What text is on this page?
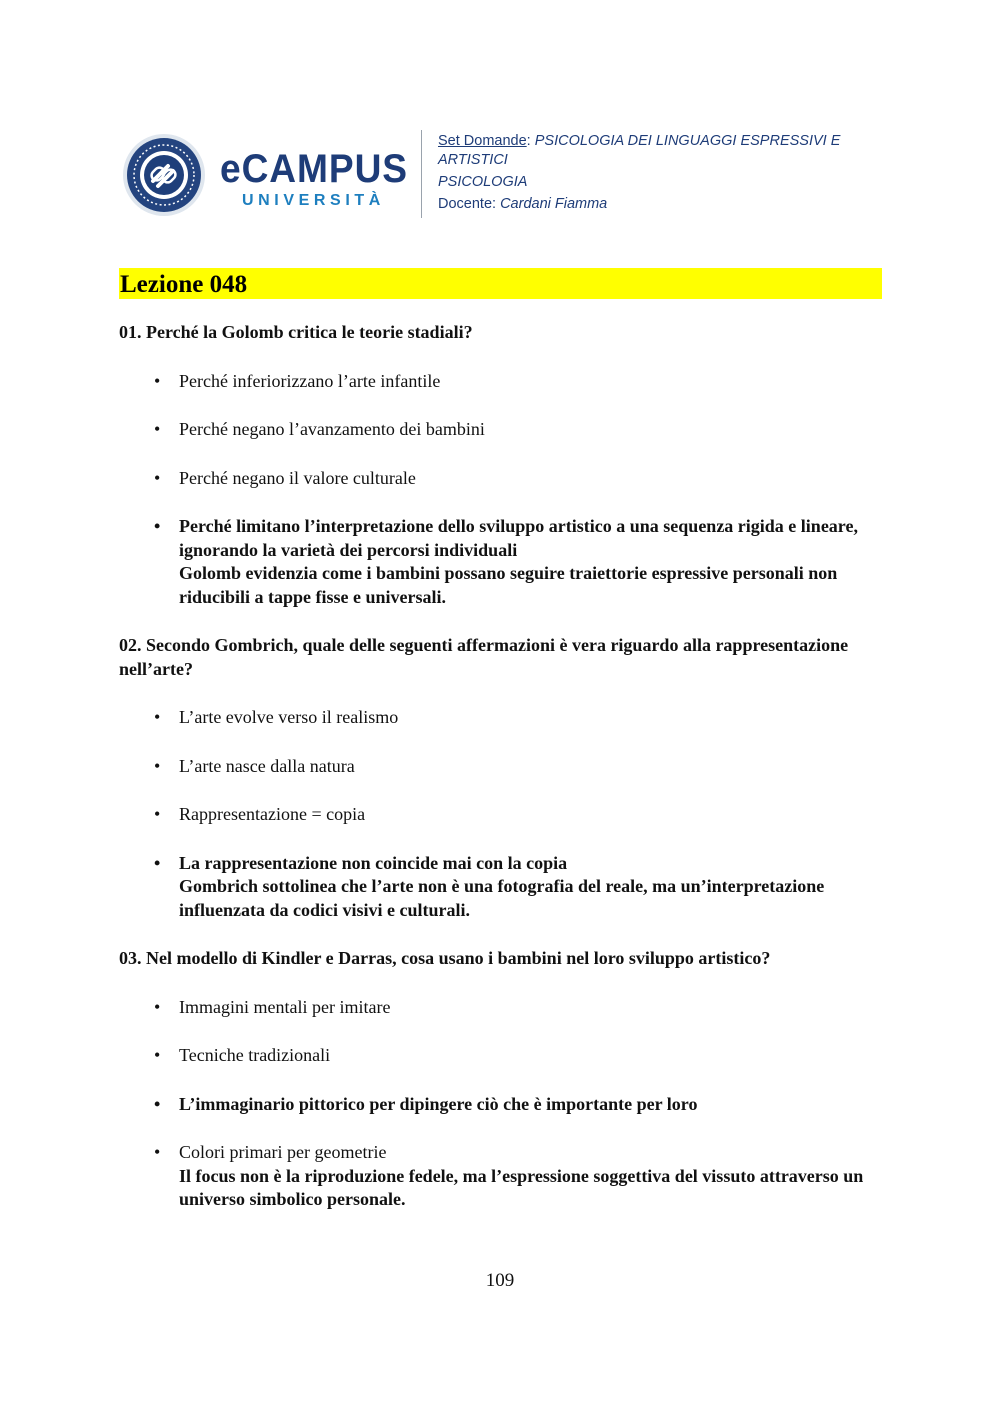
eCAMPUS
UNIVERSITÀ
Set Domande: PSICOLOGIA DEI LINGUAGGI ESPRESSIVI E
ARTISTICI
PSICOLOGIA
Docente: Cardani Fiamma
Lezione 048

01. Perché la Golomb critica le teorie stadiali?

• Perché inferiorizzano l’arte infantile
• Perché negano l’avanzamento dei bambini
• Perché negano il valore culturale
• Perché limitano l’interpretazione dello sviluppo artistico a una sequenza rigida e lineare, ignorando la varietà dei percorsi individuali
Golomb evidenzia come i bambini possano seguire traiettorie espressive personali non riducibili a tappe fisse e universali.

02. Secondo Gombrich, quale delle seguenti affermazioni è vera riguardo alla rappresentazione nell’arte?

• L’arte evolve verso il realismo
• L’arte nasce dalla natura
• Rappresentazione = copia
• La rappresentazione non coincide mai con la copia
Gombrich sottolinea che l’arte non è una fotografia del reale, ma un’interpretazione influenzata da codici visivi e culturali.

03. Nel modello di Kindler e Darras, cosa usano i bambini nel loro sviluppo artistico?

• Immagini mentali per imitare
• Tecniche tradizionali
• L’immaginario pittorico per dipingere ciò che è importante per loro
• Colori primari per geometrie
Il focus non è la riproduzione fedele, ma l’espressione soggettiva del vissuto attraverso un universo simbolico personale.
109
